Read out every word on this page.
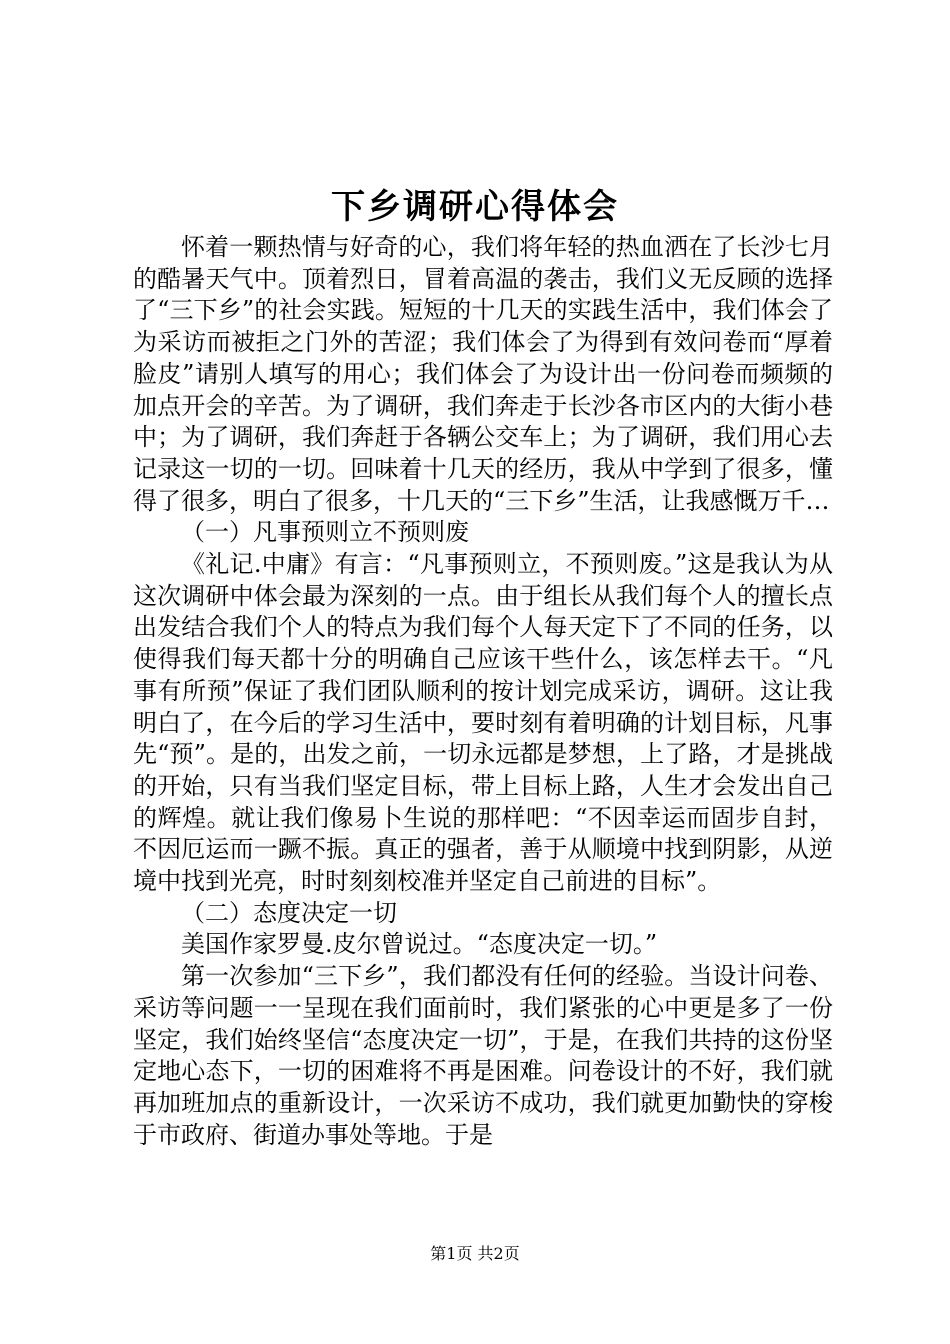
下乡调研心得体会

怀着一颗热情与好奇的心，我们将年轻的热血洒在了长沙七月的酷暑天气中。顶着烈日，冒着高温的袭击，我们义无反顾的选择了“三下乡”的社会实践。短短的十几天的实践生活中，我们体会了为采访而被拒之门外的苦涩；我们体会了为得到有效问卷而“厚着脸皮”请别人填写的用心；我们体会了为设计出一份问卷而频频的加点开会的辛苦。为了调研，我们奔走于长沙各市区内的大街小巷中；为了调研，我们奔赶于各辆公交车上；为了调研，我们用心去记录这一切的一切。回味着十几天的经历，我从中学到了很多，懂得了很多，明白了很多，十几天的“三下乡”生活，让我感慨万千…

（一）凡事预则立不预则废

《礼记.中庸》有言：“凡事预则立，不预则废。”这是我认为从这次调研中体会最为深刻的一点。由于组长从我们每个人的擅长点出发结合我们个人的特点为我们每个人每天定下了不同的任务，以使得我们每天都十分的明确自己应该干些什么，该怎样去干。“凡事有所预”保证了我们团队顺利的按计划完成采访，调研。这让我明白了，在今后的学习生活中，要时刻有着明确的计划目标，凡事先“预”。是的，出发之前，一切永远都是梦想，上了路，才是挑战的开始，只有当我们坚定目标，带上目标上路，人生才会发出自己的辉煌。就让我们像易卜生说的那样吧：“不因幸运而固步自封，不因厄运而一蹶不振。真正的强者，善于从顺境中找到阴影，从逆境中找到光亮，时时刻刻校准并坚定自己前进的目标”。

（二）态度决定一切

美国作家罗曼.皮尔曾说过。“态度决定一切。”

第一次参加“三下乡”，我们都没有任何的经验。当设计问卷、采访等问题一一呈现在我们面前时，我们紧张的心中更是多了一份坚定，我们始终坚信“态度决定一切”，于是，在我们共持的这份坚定地心态下，一切的困难将不再是困难。问卷设计的不好，我们就再加班加点的重新设计，一次采访不成功，我们就更加勤快的穿梭于市政府、街道办事处等地。于是

第1页 共2页
